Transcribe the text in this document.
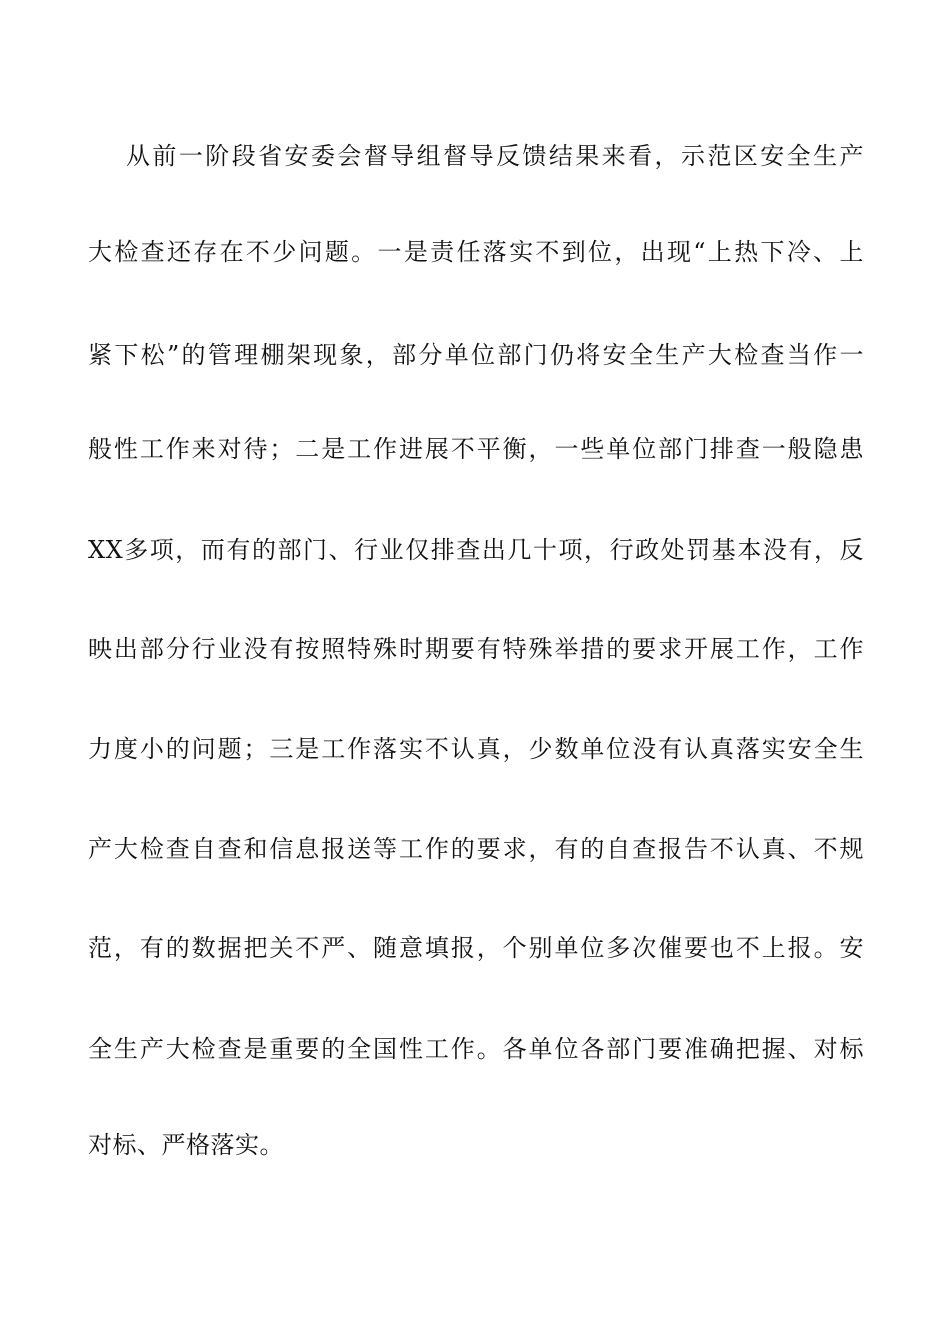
从前一阶段省安委会督导组督导反馈结果来看，示范区安全生产
大检查还存在不少问题。一是责任落实不到位，出现“上热下冷、上
紧下松”的管理棚架现象，部分单位部门仍将安全生产大检查当作一
般性工作来对待；二是工作进展不平衡，一些单位部门排查一般隐患
XX多项，而有的部门、行业仅排查出几十项，行政处罚基本没有，反
映出部分行业没有按照特殊时期要有特殊举措的要求开展工作，工作
力度小的问题；三是工作落实不认真，少数单位没有认真落实安全生
产大检查自查和信息报送等工作的要求，有的自查报告不认真、不规
范，有的数据把关不严、随意填报，个别单位多次催要也不上报。安
全生产大检查是重要的全国性工作。各单位各部门要准确把握、对标
对标、严格落实。
